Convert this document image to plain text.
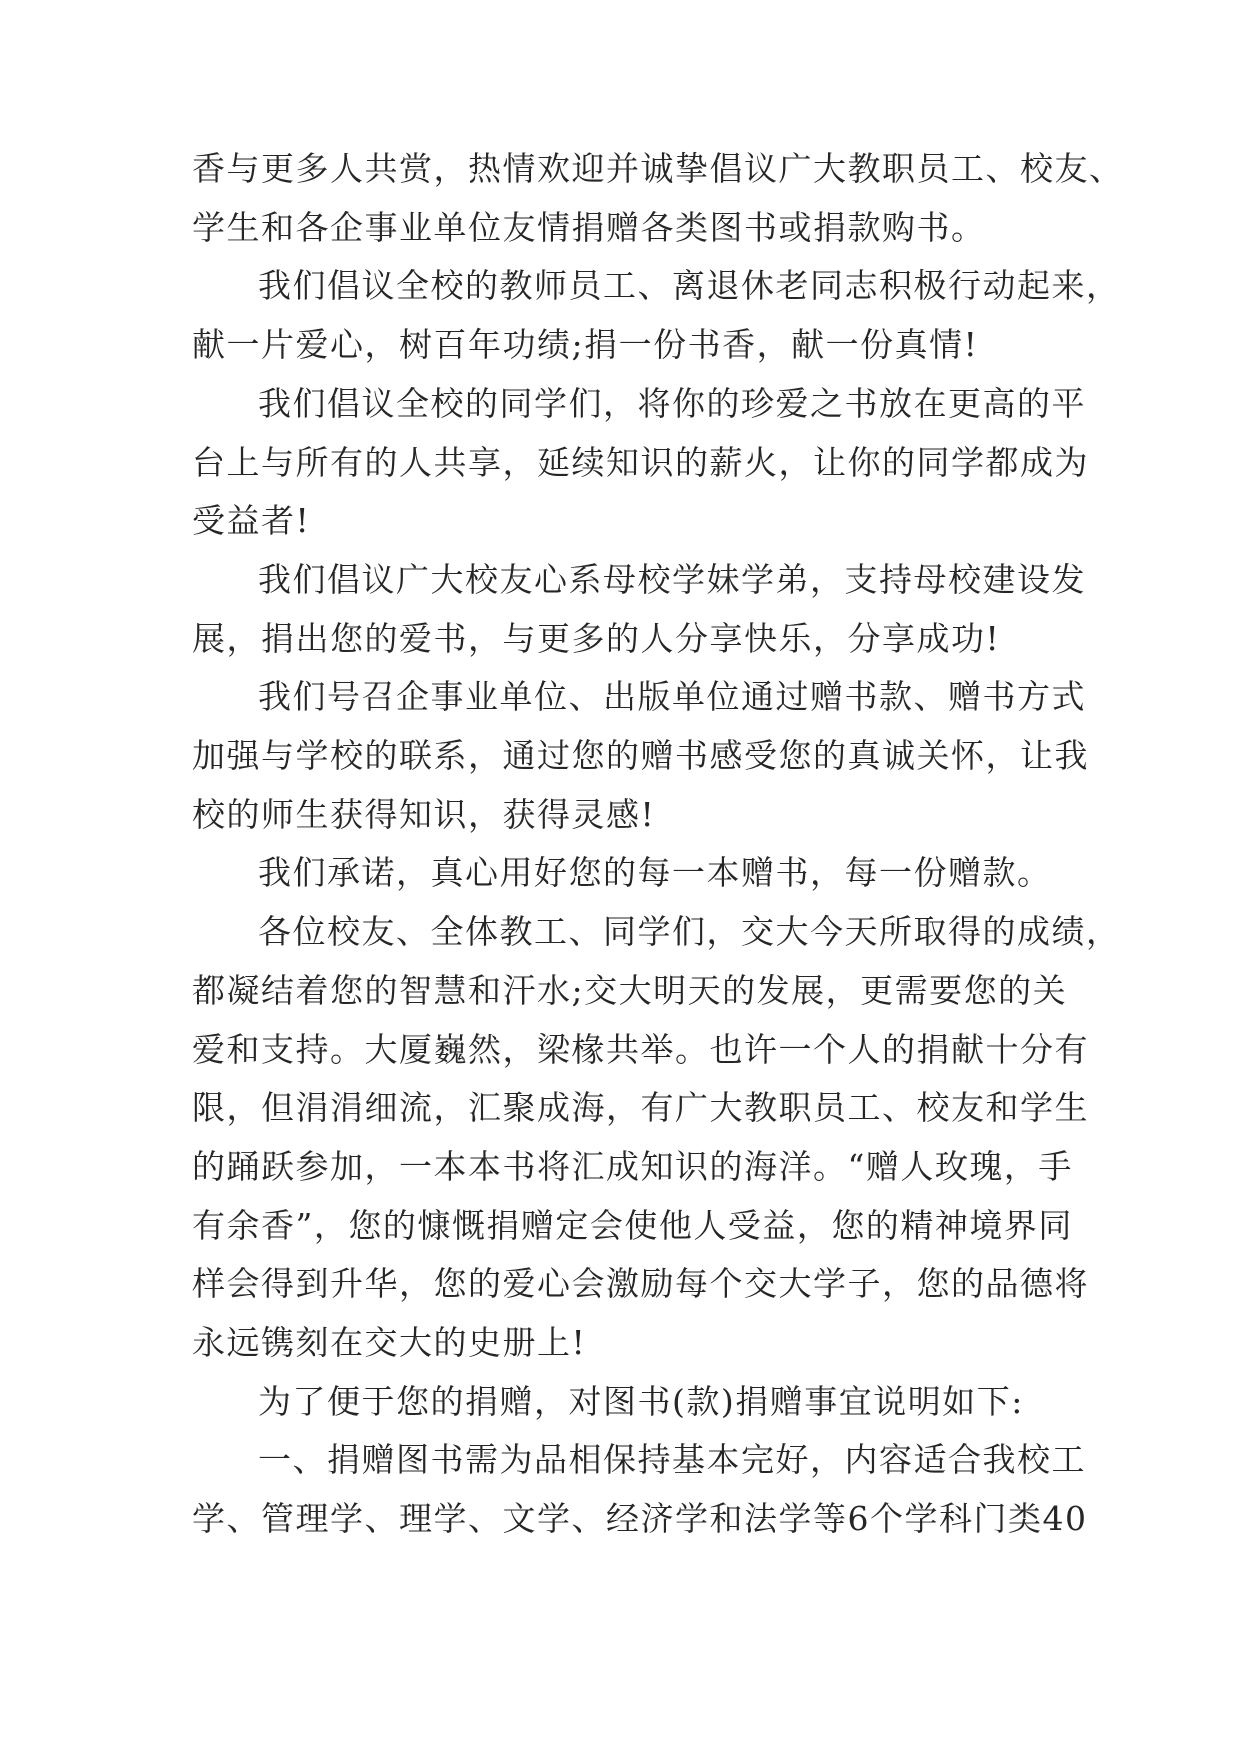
香与更多人共赏，热情欢迎并诚挚倡议广大教职员工、校友、
学生和各企事业单位友情捐赠各类图书或捐款购书。
我们倡议全校的教师员工、离退休老同志积极行动起来，
献一片爱心，树百年功绩;捐一份书香，献一份真情!
我们倡议全校的同学们，将你的珍爱之书放在更高的平
台上与所有的人共享，延续知识的薪火，让你的同学都成为
受益者!
我们倡议广大校友心系母校学妹学弟，支持母校建设发
展，捐出您的爱书，与更多的人分享快乐，分享成功!
我们号召企事业单位、出版单位通过赠书款、赠书方式
加强与学校的联系，通过您的赠书感受您的真诚关怀，让我
校的师生获得知识，获得灵感!
我们承诺，真心用好您的每一本赠书，每一份赠款。
各位校友、全体教工、同学们，交大今天所取得的成绩，
都凝结着您的智慧和汗水;交大明天的发展，更需要您的关
爱和支持。大厦巍然，梁椽共举。也许一个人的捐献十分有
限，但涓涓细流，汇聚成海，有广大教职员工、校友和学生
的踊跃参加，一本本书将汇成知识的海洋。“赠人玫瑰，手
有余香”，您的慷慨捐赠定会使他人受益，您的精神境界同
样会得到升华，您的爱心会激励每个交大学子，您的品德将
永远镌刻在交大的史册上!
为了便于您的捐赠，对图书(款)捐赠事宜说明如下:
一、捐赠图书需为品相保持基本完好，内容适合我校工
学、管理学、理学、文学、经济学和法学等6个学科门类40
